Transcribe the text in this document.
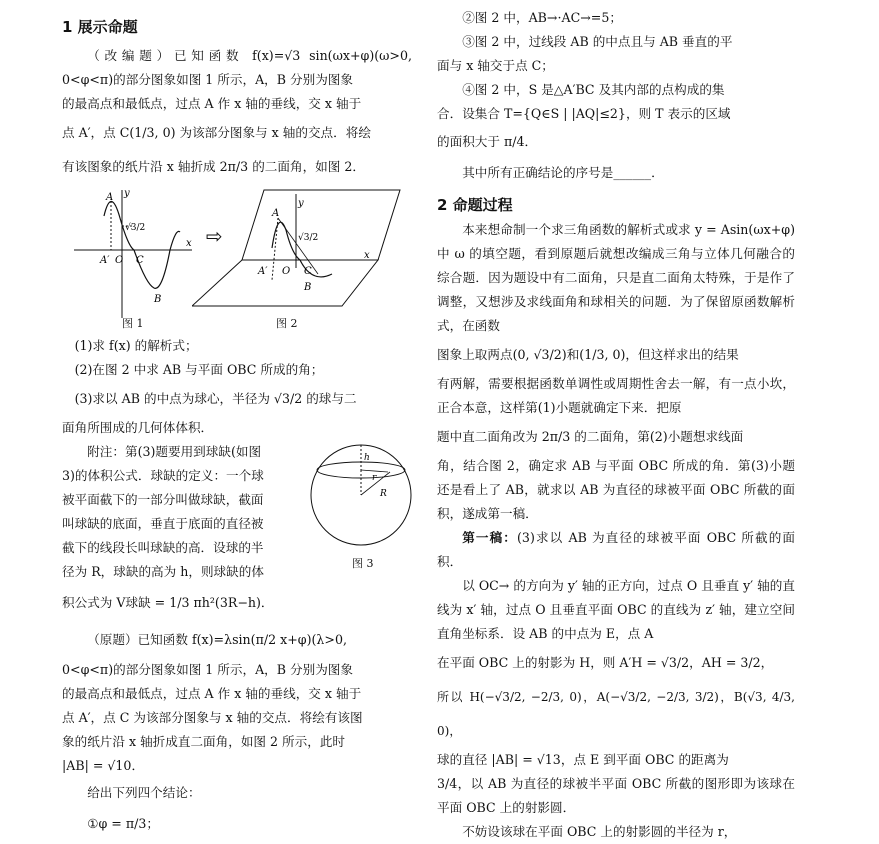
1 展示命题

（改编题）已知函数 f(x)=√3 sin(ωx+φ)(ω>0, 0<φ<π)的部分图象如图 1 所示，A，B 分别为图象

的最高点和最低点，过点 A 作 x 轴的垂线，交 x 轴于

点 A′，点 C(1/3, 0) 为该部分图象与 x 轴的交点．将绘

有该图象的纸片沿 x 轴折成 2π/3 的二面角，如图 2．

A y
√3/2
A′ O C
x
B
⇨
A
y
√3/2
A′ O C
B
x
图 1	图 2

(1)求 f(x) 的解析式；

(2)在图 2 中求 AB 与平面 OBC 所成的角；

(3)求以 AB 的中点为球心，半径为 √3/2 的球与二

面角所围成的几何体体积．

附注：第(3)题要用到球缺(如图

3)的体积公式．球缺的定义：一个球

被平面截下的一部分叫做球缺，截面

叫球缺的底面，垂直于底面的直径被

截下的线段长叫球缺的高．设球的半

径为 R，球缺的高为 h，则球缺的体

h
r
R
图 3

积公式为 V球缺 = 1/3 πh²(3R−h)．

（原题）已知函数 f(x)=λsin(π/2 x+φ)(λ>0,

0<φ<π)的部分图象如图 1 所示，A，B 分别为图象

的最高点和最低点，过点 A 作 x 轴的垂线，交 x 轴于

点 A′，点 C 为该部分图象与 x 轴的交点．将绘有该图

象的纸片沿 x 轴折成直二面角，如图 2 所示，此时

|AB| = √10．

给出下列四个结论：

①φ = π/3；

②图 2 中，AB→·AC→=5；

③图 2 中，过线段 AB 的中点且与 AB 垂直的平

面与 x 轴交于点 C；

④图 2 中，S 是△A′BC 及其内部的点构成的集

合．设集合 T={Q∈S | |AQ|≤2}，则 T 表示的区域

的面积大于 π/4．

其中所有正确结论的序号是______．

2 命题过程

本来想命制一个求三角函数的解析式或求 y = Asin(ωx+φ)中 ω 的填空题，看到原题后就想改编成三角与立体几何融合的综合题．因为题设中有二面角，只是直二面角太特殊，于是作了调整，又想涉及求线面角和球相关的问题．为了保留原函数解析式，在函数

图象上取两点(0, √3/2)和(1/3, 0)，但这样求出的结果

有两解，需要根据函数单调性或周期性舍去一解，有一点小坎，正合本意，这样第(1)小题就确定下来．把原

题中直二面角改为 2π/3 的二面角，第(2)小题想求线面

角，结合图 2，确定求 AB 与平面 OBC 所成的角．第(3)小题还是看上了 AB，就求以 AB 为直径的球被平面 OBC 所截的面积，遂成第一稿．

第一稿：(3)求以 AB 为直径的球被平面 OBC 所截的面积．

以 OC→ 的方向为 y′ 轴的正方向，过点 O 且垂直 y′ 轴的直线为 x′ 轴，过点 O 且垂直平面 OBC 的直线为 z′ 轴，建立空间直角坐标系．设 AB 的中点为 E，点 A

在平面 OBC 上的射影为 H，则 A′H = √3/2，AH = 3/2，

所以 H(−√3/2, −2/3, 0)，A(−√3/2, −2/3, 3/2)，B(√3, 4/3, 0)，

球的直径 |AB| = √13，点 E 到平面 OBC 的距离为

3/4，以 AB 为直径的球被半平面 OBC 所截的图形即为该球在平面 OBC 上的射影圆．

不妨设该球在平面 OBC 上的射影圆的半径为 r，
